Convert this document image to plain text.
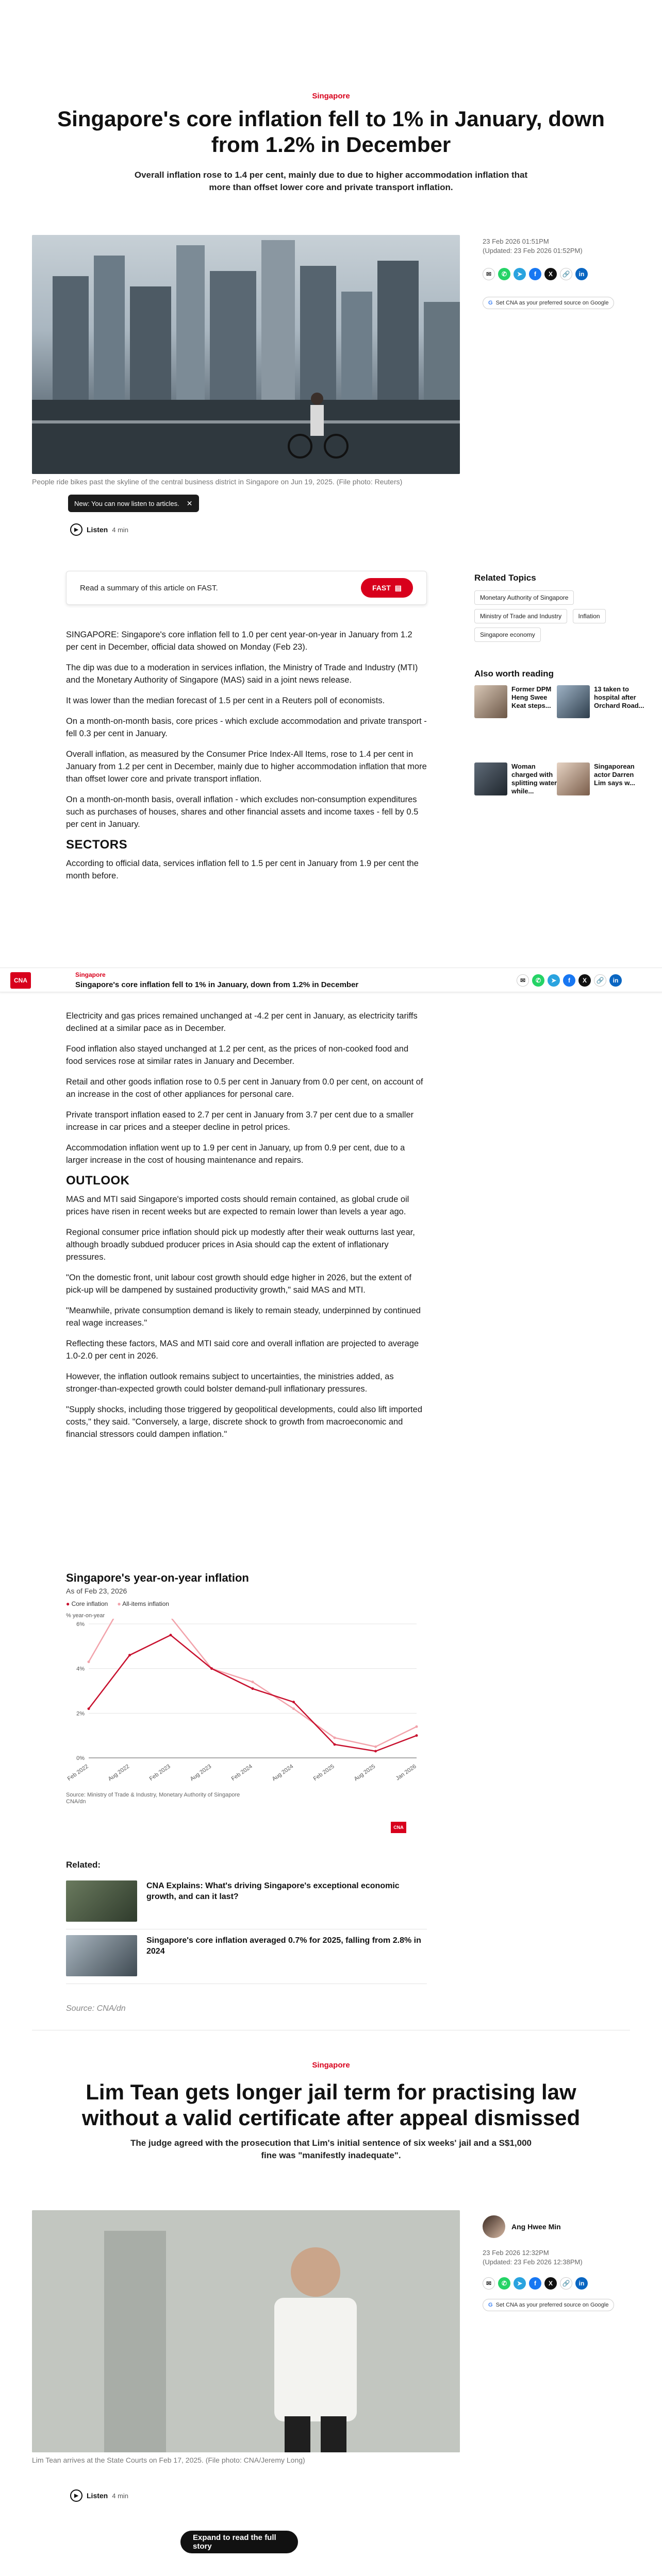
Singapore
Singapore's core inflation fell to 1% in January, down from 1.2% in December
Overall inflation rose to 1.4 per cent, mainly due to due to higher accommodation inflation that more than offset lower core and private transport inflation.
People ride bikes past the skyline of the central business district in Singapore on Jun 19, 2025. (File photo: Reuters)
New: You can now listen to articles. ✕
▶	Listen 4 min
23 Feb 2026 01:51PM
(Updated: 23 Feb 2026 01:52PM)
✉	✆	➤	f	X	🔗	in
G Set CNA as your preferred source on Google
Read a summary of this article on FAST.	FAST ▤

SINGAPORE: Singapore's core inflation fell to 1.0 per cent year-on-year in January from 1.2 per cent in December, official data showed on Monday (Feb 23).

The dip was due to a moderation in services inflation, the Ministry of Trade and Industry (MTI) and the Monetary Authority of Singapore (MAS) said in a joint news release.

It was lower than the median forecast of 1.5 per cent in a Reuters poll of economists.

On a month-on-month basis, core prices - which exclude accommodation and private transport - fell 0.3 per cent in January.

Overall inflation, as measured by the Consumer Price Index-All Items, rose to 1.4 per cent in January from 1.2 per cent in December, mainly due to higher accommodation inflation that more than offset lower core and private transport inflation.

On a month-on-month basis, overall inflation - which excludes non-consumption expenditures such as purchases of houses, shares and other financial assets and income taxes - fell by 0.5 per cent in January.

SECTORS

According to official data, services inflation fell to 1.5 per cent in January from 1.9 per cent the month before.

Related Topics
Monetary Authority of Singapore Ministry of Trade and Industry	Inflation Singapore economy
Also worth reading
Former DPM Heng Swee Keat steps...
13 taken to hospital after Orchard Road...
Woman charged with splitting water while...
Singaporean actor Darren Lim says w...
CNA
Singapore
Singapore's core inflation fell to 1% in January, down from 1.2% in December	✉	✆	➤	f	X	🔗	in

Electricity and gas prices remained unchanged at -4.2 per cent in January, as electricity tariffs declined at a similar pace as in December.

Food inflation also stayed unchanged at 1.2 per cent, as the prices of non-cooked food and food services rose at similar rates in January and December.

Retail and other goods inflation rose to 0.5 per cent in January from 0.0 per cent, on account of an increase in the cost of other appliances for personal care.

Private transport inflation eased to 2.7 per cent in January from 3.7 per cent due to a smaller increase in car prices and a steeper decline in petrol prices.

Accommodation inflation went up to 1.9 per cent in January, up from 0.9 per cent, due to a larger increase in the cost of housing maintenance and repairs.

OUTLOOK

MAS and MTI said Singapore's imported costs should remain contained, as global crude oil prices have risen in recent weeks but are expected to remain lower than levels a year ago.

Regional consumer price inflation should pick up modestly after their weak outturns last year, although broadly subdued producer prices in Asia should cap the extent of inflationary pressures.

"On the domestic front, unit labour cost growth should edge higher in 2026, but the extent of pick-up will be dampened by sustained productivity growth," said MAS and MTI.

"Meanwhile, private consumption demand is likely to remain steady, underpinned by continued real wage increases."

Reflecting these factors, MAS and MTI said core and overall inflation are projected to average 1.0-2.0 per cent in 2026.

However, the inflation outlook remains subject to uncertainties, the ministries added, as stronger-than-expected growth could bolster demand-pull inflationary pressures.

"Supply shocks, including those triggered by geopolitical developments, could also lift imported costs," they said. "Conversely, a large, discrete shock to growth from macroeconomic and financial stressors could dampen inflation."

Singapore's year-on-year inflation
As of Feb 23, 2026
● Core inflation ● All-items inflation
% year-on-year
6%
4%
2%
0%
Feb 2022	Aug 2022	Feb 2023	Aug 2023	Feb 2024	Aug 2024	Feb 2025	Aug 2025	Jan 2026
Source: Ministry of Trade & Industry, Monetary Authority of Singapore
CNA/dn
CNA
Related:
CNA Explains: What's driving Singapore's exceptional economic growth, and can it last?
Singapore's core inflation averaged 0.7% for 2025, falling from 2.8% in 2024
Source: CNA/dn
Singapore
Lim Tean gets longer jail term for practising law without a valid certificate after appeal dismissed
The judge agreed with the prosecution that Lim's initial sentence of six weeks' jail and a S$1,000 fine was "manifestly inadequate".
Lim Tean arrives at the State Courts on Feb 17, 2025. (File photo: CNA/Jeremy Long)
Ang Hwee Min
23 Feb 2026 12:32PM
(Updated: 23 Feb 2026 12:38PM)
✉	✆	➤	f	X	🔗	in
G Set CNA as your preferred source on Google
▶	Listen 4 min
Expand to read the full story
